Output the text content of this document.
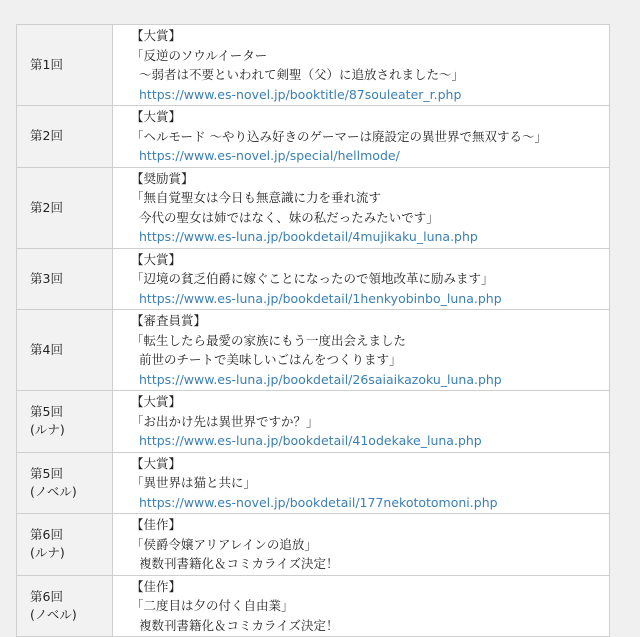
第1回	【大賞】
「反逆のソウルイーター
～弱者は不要といわれて剣聖（父）に追放されました～」
https://www.es-novel.jp/booktitle/87souleater_r.php

第2回	【大賞】
「ヘルモード ～やり込み好きのゲーマーは廃設定の異世界で無双する～」
https://www.es-novel.jp/special/hellmode/

第2回	【奨励賞】
「無自覚聖女は今日も無意識に力を垂れ流す
今代の聖女は姉ではなく、妹の私だったみたいです」
https://www.es-luna.jp/bookdetail/4mujikaku_luna.php

第3回	【大賞】
「辺境の貧乏伯爵に嫁ぐことになったので領地改革に励みます」
https://www.es-luna.jp/bookdetail/1henkyobinbo_luna.php

第4回	【審査員賞】
「転生したら最愛の家族にもう一度出会えました
前世のチートで美味しいごはんをつくります」
https://www.es-luna.jp/bookdetail/26saiaikazoku_luna.php

第5回
(ルナ)	【大賞】
「お出かけ先は異世界ですか？」
https://www.es-luna.jp/bookdetail/41odekake_luna.php

第5回
(ノベル)	【大賞】
「異世界は猫と共に」
https://www.es-novel.jp/bookdetail/177nekototomoni.php

第6回
(ルナ)	【佳作】
「侯爵令嬢アリアレインの追放」
複数刊書籍化＆コミカライズ決定！

第6回
(ノベル)	【佳作】
「二度目は夕の付く自由業」
複数刊書籍化＆コミカライズ決定！
